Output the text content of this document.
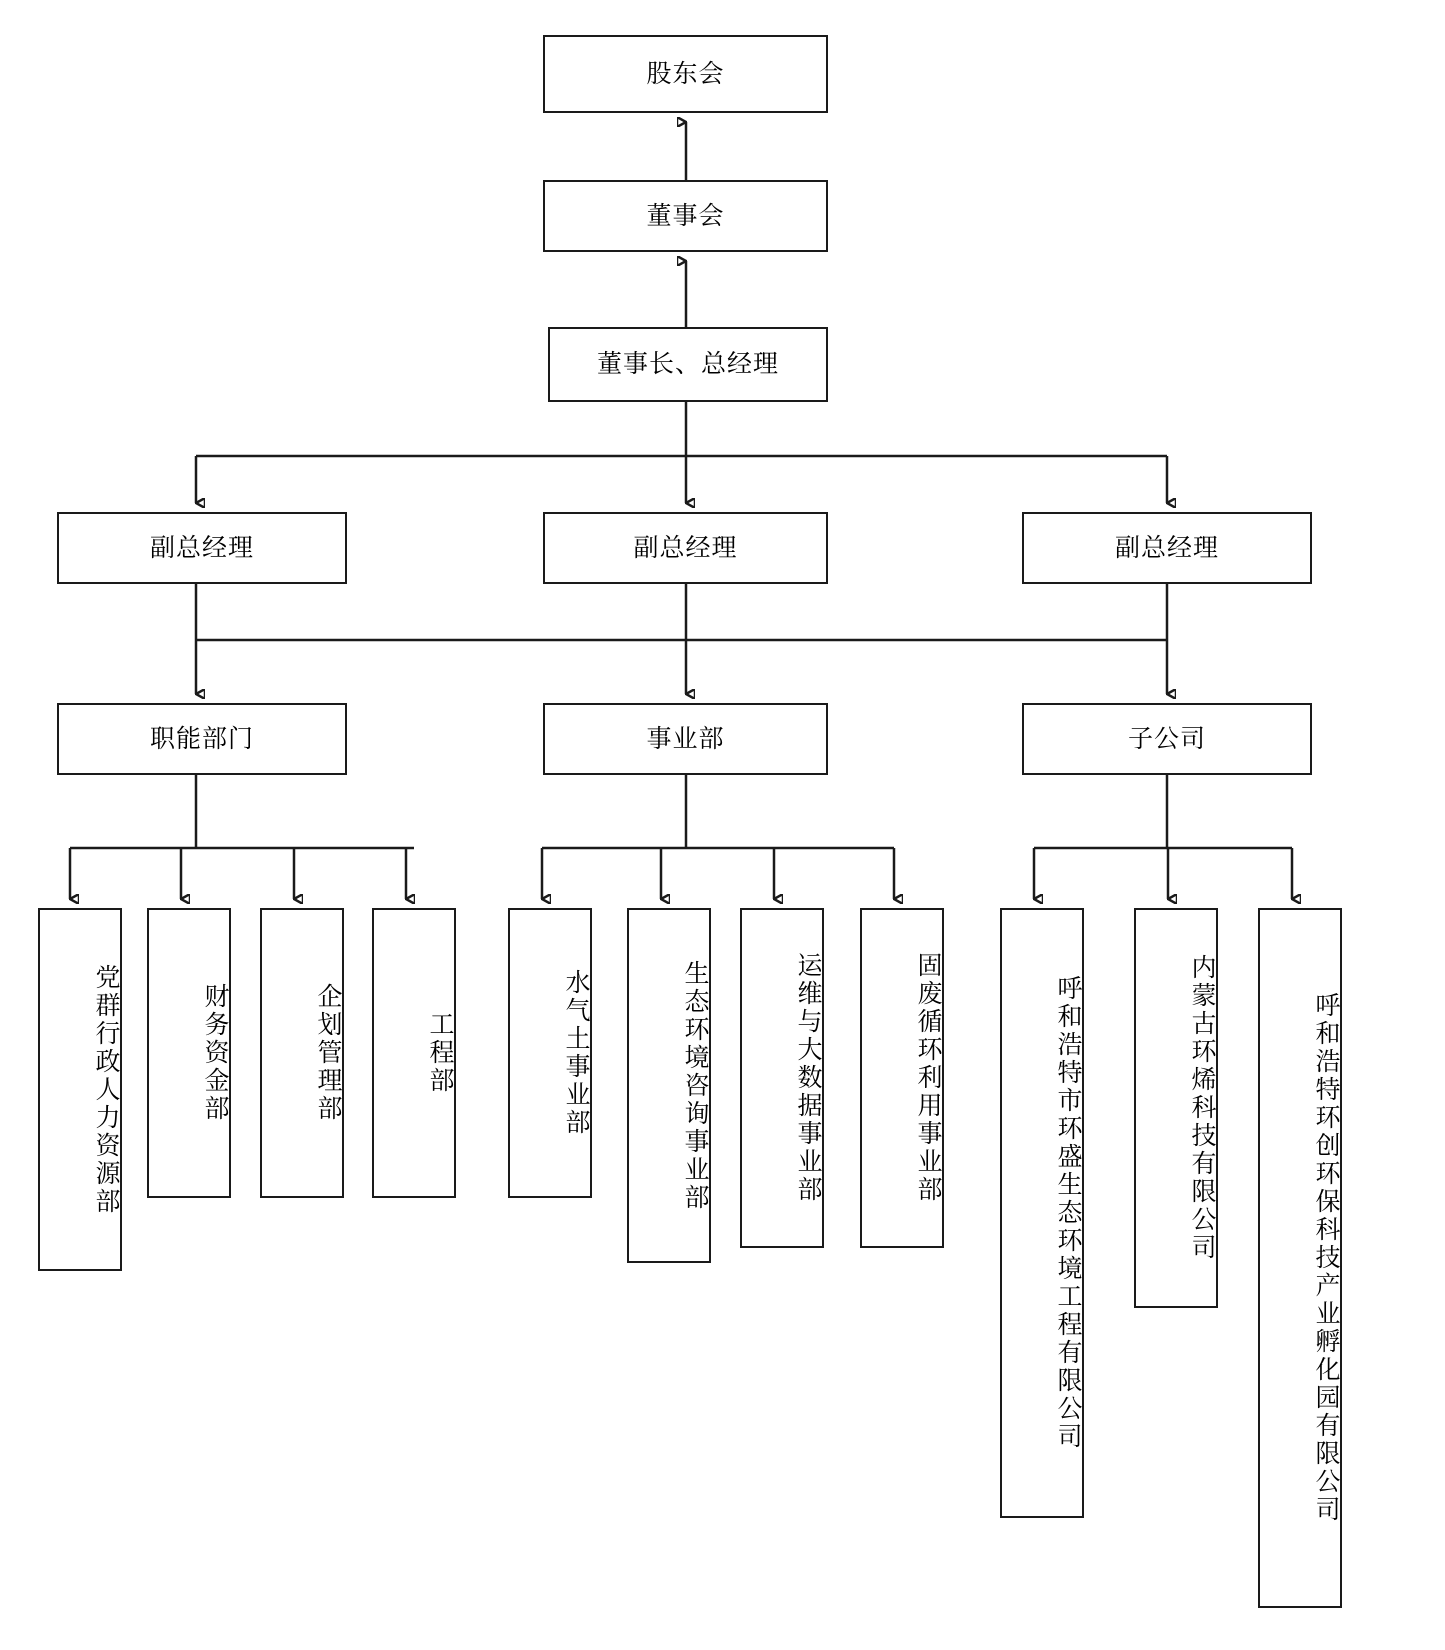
股东会
董事会
董事长、总经理
副总经理	副总经理	副总经理
职能部门	事业部	子公司
党群行政人力资源部	财务资金部	企划管理部	工程部	水气土事业部	生态环境咨询事业部	运维与大数据事业部	固废循环利用事业部	呼和浩特市环盛生态环境工程有限公司	内蒙古环烯科技有限公司	呼和浩特环创环保科技产业孵化园有限公司
